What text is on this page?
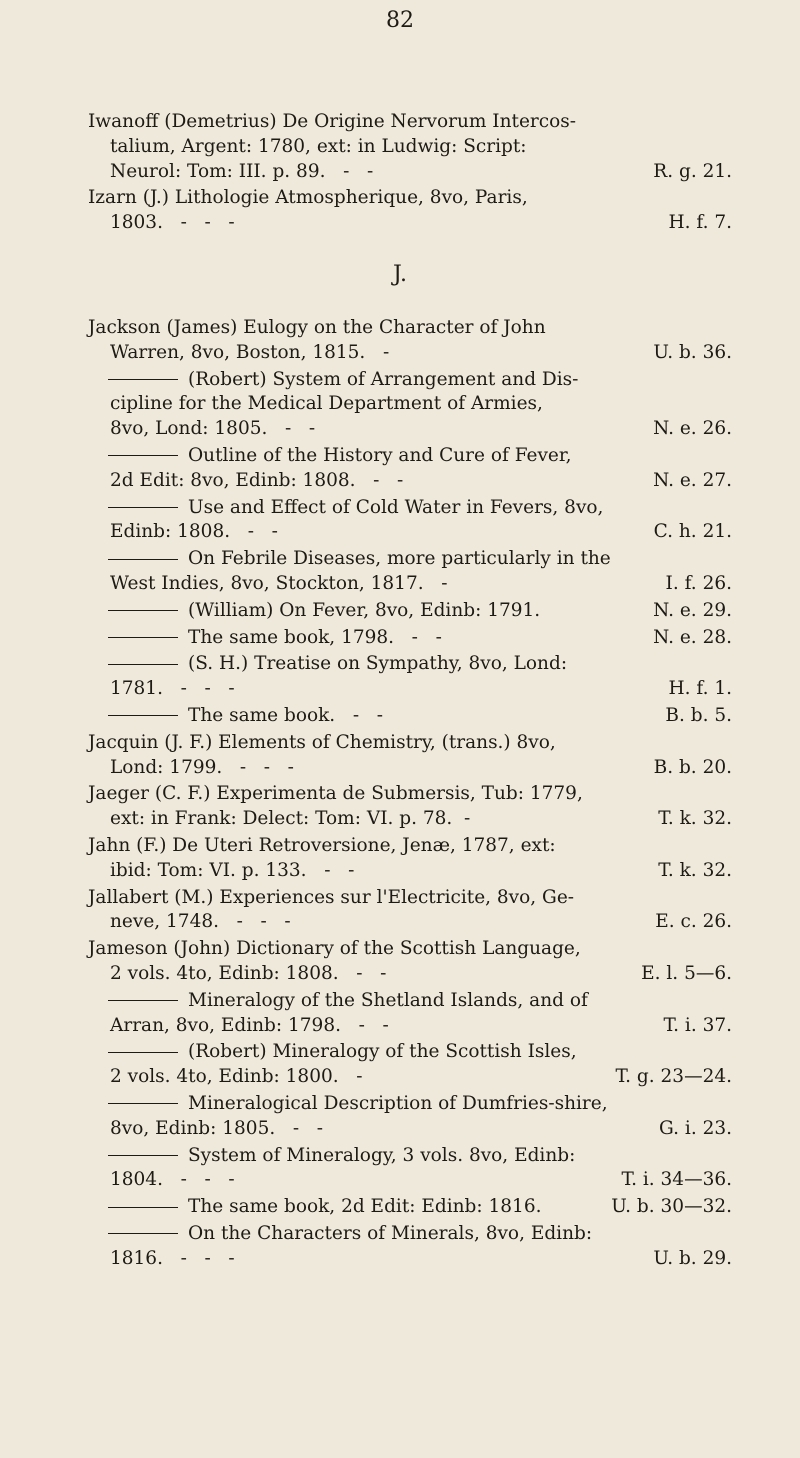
82
Iwanoff (Demetrius) De Origine Nervorum Intercos-
talium, Argent: 1780, ext: in Ludwig: Script:
Neurol: Tom: III. p. 89.   -   -	R. g. 21.
Izarn (J.) Lithologie Atmospherique, 8vo, Paris,
1803.   -   -   -	H. f. 7.
J.
Jackson (James) Eulogy on the Character of John
Warren, 8vo, Boston, 1815.   -	U. b. 36.
(Robert) System of Arrangement and Dis-
cipline for the Medical Department of Armies,
8vo, Lond: 1805.   -   -	N. e. 26.
Outline of the History and Cure of Fever,
2d Edit: 8vo, Edinb: 1808.   -   -	N. e. 27.
Use and Effect of Cold Water in Fevers, 8vo,
Edinb: 1808.   -   -	C. h. 21.
On Febrile Diseases, more particularly in the
West Indies, 8vo, Stockton, 1817.   -	I. f. 26.
(William) On Fever, 8vo, Edinb: 1791.	N. e. 29.
The same book, 1798.   -   -	N. e. 28.
(S. H.) Treatise on Sympathy, 8vo, Lond:
1781.   -   -   -	H. f. 1.
The same book.   -   -	B. b. 5.
Jacquin (J. F.) Elements of Chemistry, (trans.) 8vo,
Lond: 1799.   -   -   -	B. b. 20.
Jaeger (C. F.) Experimenta de Submersis, Tub: 1779,
ext: in Frank: Delect: Tom: VI. p. 78.  -	T. k. 32.
Jahn (F.) De Uteri Retroversione, Jenæ, 1787, ext:
ibid: Tom: VI. p. 133.   -   -	T. k. 32.
Jallabert (M.) Experiences sur l'Electricite, 8vo, Ge-
neve, 1748.   -   -   -	E. c. 26.
Jameson (John) Dictionary of the Scottish Language,
2 vols. 4to, Edinb: 1808.   -   -	E. l. 5—6.
Mineralogy of the Shetland Islands, and of
Arran, 8vo, Edinb: 1798.   -   -	T. i. 37.
(Robert) Mineralogy of the Scottish Isles,
2 vols. 4to, Edinb: 1800.   -	T. g. 23—24.
Mineralogical Description of Dumfries-shire,
8vo, Edinb: 1805.   -   -	G. i. 23.
System of Mineralogy, 3 vols. 8vo, Edinb:
1804.   -   -   -	T. i. 34—36.
The same book, 2d Edit: Edinb: 1816.	U. b. 30—32.
On the Characters of Minerals, 8vo, Edinb:
1816.   -   -   -	U. b. 29.
